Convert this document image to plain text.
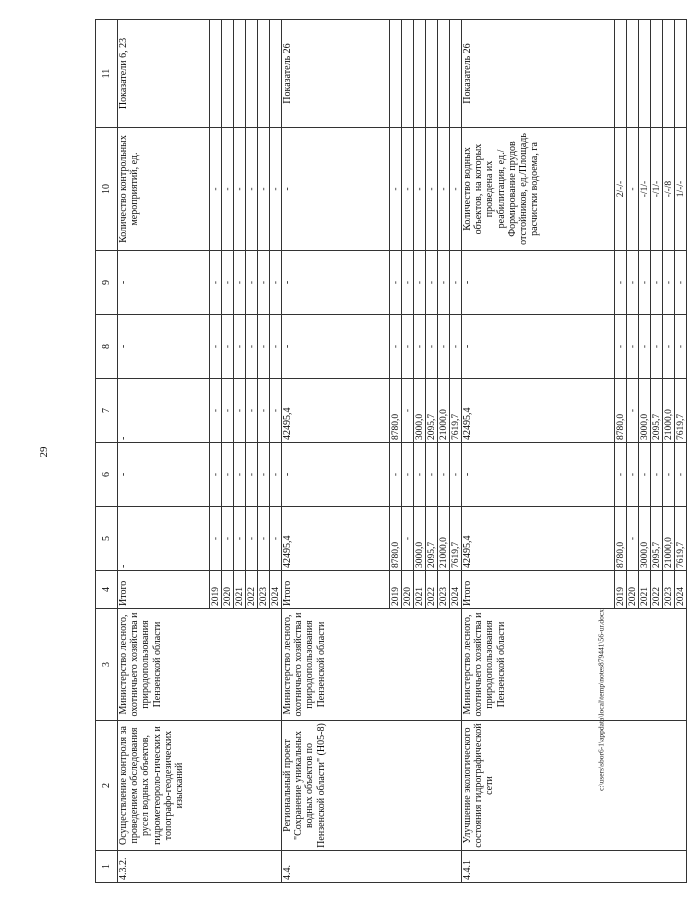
29
1	2	3	4	5	6	7	8	9	10	11
4.3.2.	Осуществление контроля за проведением обследования русел водных объектов, гидрометеороло-гических и топографо-геодезических изысканий	Министерство лесного, охотничьего хозяйства и природопользования Пензенской области	Итого	-	-	-	-	-	Количество контрольных мероприятий, ед.	Показатели 6, 23
			2019	-	-	-	-	-	-	
			2020	-	-	-	-	-	-	
			2021	-	-	-	-	-	-	
			2022	-	-	-	-	-	-	
			2023	-	-	-	-	-	-	
			2024	-	-	-	-	-	-	
4.4.	Региональный проект "Сохранение уникальных водных объектов по Пензенской области" (Н05-8)	Министерство лесного, охотничьего хозяйства и природопользования Пензенской области	Итого	42495,4	-	42495,4	-	-	-	Показатель 26
			2019	8780,0	-	8780,0	-	-	-	
			2020	-	-	-	-	-	-	
			2021	3000,0	-	3000,0	-	-	-	
			2022	2095,7	-	2095,7	-	-	-	
			2023	21000,0	-	21000,0	-	-	-	
			2024	7619,7	-	7619,7	-	-	-	
4.4.1	Улучшение экологического состояния гидрографической сети	Министерство лесного, охотничьего хозяйства и природопользования Пензенской области	Итого	42495,4	-	42495,4	-	-	Количество водных объектов, на которых проведена их реабилитация, ед./Формирование прудов отстойников, ед./Площадь расчистки водоема, га	Показатель 26
			2019	8780,0	-	8780,0	-	-	2/-/-	
			2020	-	-	-	-	-	-	
			2021	3000,0	-	3000,0	-	-	-/1/-	
			2022	2095,7	-	2095,7	-	-	-/1/-	
			2023	21000,0	-	21000,0	-	-	-/-/8	
			2024	7619,7	-	7619,7	-	-	1/-/-	
c:\users\sbor6-1\appdata\local\temp\notes879441\56-ur.docx
